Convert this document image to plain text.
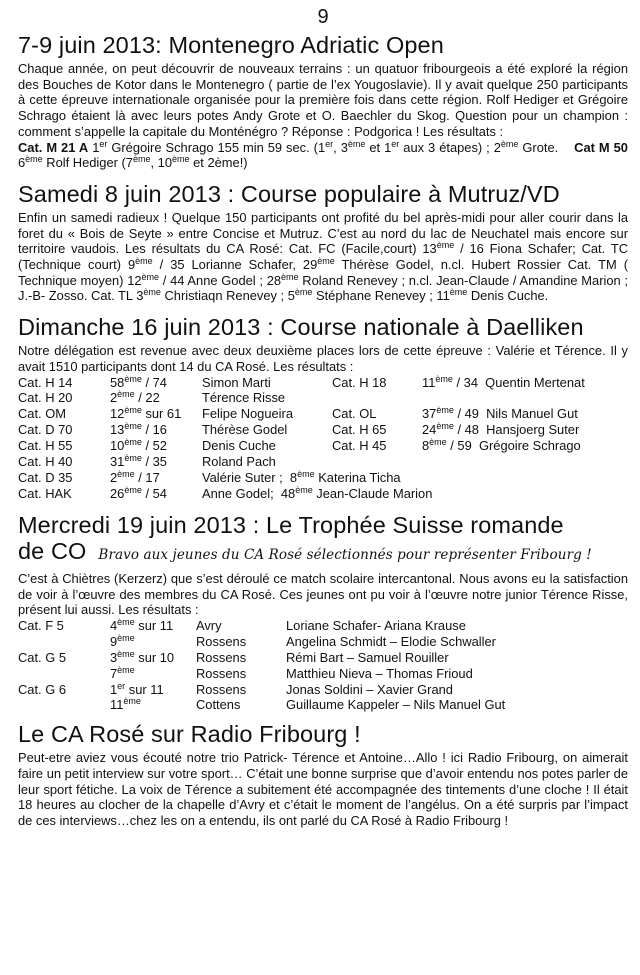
9
7-9 juin 2013: Montenegro Adriatic Open

Chaque année, on peut découvrir de nouveaux terrains : un quatuor fribourgeois a été exploré la région des Bouches de Kotor dans le Montenegro ( partie de l’ex Yougoslavie). Il y avait quelque 250 participants à cette épreuve internationale organisée pour la première fois dans cette région. Rolf Hediger et Grégoire Schrago étaient là avec leurs potes Andy Grote et O. Baechler du Skog. Question pour un champion : comment s’appelle la capitale du Monténégro ? Réponse : Podgorica ! Les résultats :
Cat. M 21 A 1er Grégoire Schrago 155 min 59 sec. (1er, 3ème et 1er aux 3 étapes) ; 2ème Grote. Cat M 50 6ème Rolf Hediger (7ème, 10ème et 2ème!)

Samedi 8 juin 2013 : Course populaire à Mutruz/VD

Enfin un samedi radieux ! Quelque 150 participants ont profité du bel après-midi pour aller courir dans la foret du « Bois de Seyte » entre Concise et Mutruz. C’est au nord du lac de Neuchatel mais encore sur territoire vaudois. Les résultats du CA Rosé: Cat. FC (Facile,court) 13ème / 16 Fiona Schafer; Cat. TC (Technique court) 9ème / 35 Lorianne Schafer, 29ème Thérèse Godel, n.cl. Hubert Rossier Cat. TM ( Technique moyen) 12ème / 44 Anne Godel ; 28ème Roland Renevey ; n.cl. Jean-Claude / Amandine Marion ; J.-B- Zosso. Cat. TL 3ème Christiaqn Renevey ; 5ème Stéphane Renevey ; 11ème Denis Cuche.

Dimanche 16 juin 2013 : Course nationale à Daelliken

Notre délégation est revenue avec deux deuxième places lors de cette épreuve : Valérie et Térence. Il y avait 1510 participants dont 14 du CA Rosé. Les résultats :

Cat. H 14	58ème / 74	Simon Marti	Cat. H 18	11ème / 34 Quentin Mertenat
Cat. H 20	2ème / 22	Térence Risse		
Cat. OM	12ème sur 61	Felipe Nogueira	Cat. OL	37ème / 49 Nils Manuel Gut
Cat. D 70	13ème / 16	Thérèse Godel	Cat. H 65	24ème / 48 Hansjoerg Suter
Cat. H 55	10ème / 52	Denis Cuche	Cat. H 45	8ème / 59 Grégoire Schrago
Cat. H 40	31ème / 35	Roland Pach		
Cat. D 35	2ème / 17	Valérie Suter ; 8ème Katerina Ticha		
Cat. HAK	26ème / 54	Anne Godel; 48ème Jean-Claude Marion		
Mercredi 19 juin 2013 : Le Trophée Suisse romande
de CO Bravo aux jeunes du CA Rosé sélectionnés pour représenter Fribourg !

C’est à Chiètres (Kerzerz) que s’est déroulé ce match scolaire intercantonal. Nous avons eu la satisfaction de voir à l’œuvre des membres du CA Rosé. Ces jeunes ont pu voir à l’œuvre notre junior Térence Risse, présent lui aussi. Les résultats :

Cat. F 5	4ème sur 11	Avry	Loriane Schafer- Ariana Krause
	9ème	Rossens	Angelina Schmidt – Elodie Schwaller
Cat. G 5	3ème sur 10	Rossens	Rémi Bart – Samuel Rouiller
	7ème	Rossens	Matthieu Nieva – Thomas Frioud
Cat. G 6	1er sur 11	Rossens	Jonas Soldini – Xavier Grand
	11ème	Cottens	Guillaume Kappeler – Nils Manuel Gut
Le CA Rosé sur Radio Fribourg !

Peut-etre aviez vous écouté notre trio Patrick- Térence et Antoine…Allo ! ici Radio Fribourg, on aimerait faire un petit interview sur votre sport… C’était une bonne surprise que d’avoir entendu nos potes parler de leur sport fétiche. La voix de Térence a subitement été accompagnée des tintements d’une cloche ! Il était 18 heures au clocher de la chapelle d’Avry et c’était le moment de l’angélus. On a été surpris par l’impact de ces interviews…chez les on a entendu, ils ont parlé du CA Rosé à Radio Fribourg !
